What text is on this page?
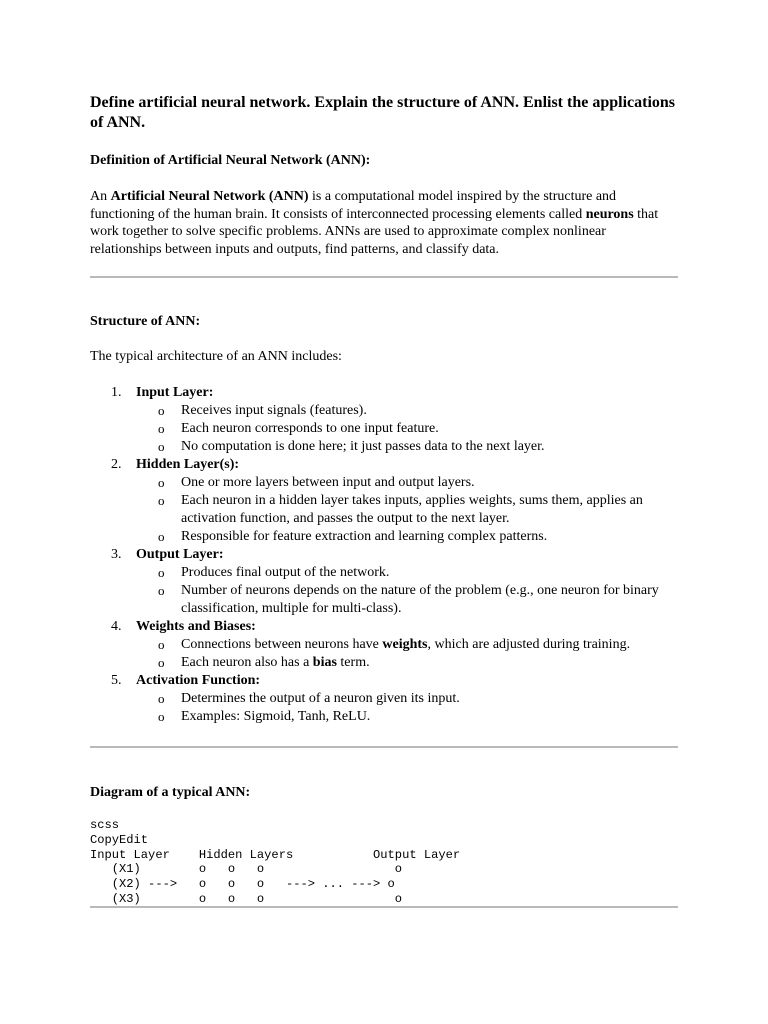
Define artificial neural network. Explain the structure of ANN. Enlist the applications of ANN.
Definition of Artificial Neural Network (ANN):

An Artificial Neural Network (ANN) is a computational model inspired by the structure and functioning of the human brain. It consists of interconnected processing elements called neurons that work together to solve specific problems. ANNs are used to approximate complex nonlinear relationships between inputs and outputs, find patterns, and classify data.

Structure of ANN:

The typical architecture of an ANN includes:

1. Input Layer:
o Receives input signals (features).
o Each neuron corresponds to one input feature.
o No computation is done here; it just passes data to the next layer.
2. Hidden Layer(s):
o One or more layers between input and output layers.
o Each neuron in a hidden layer takes inputs, applies weights, sums them, applies an activation function, and passes the output to the next layer.
o Responsible for feature extraction and learning complex patterns.
3. Output Layer:
o Produces final output of the network.
o Number of neurons depends on the nature of the problem (e.g., one neuron for binary classification, multiple for multi-class).
4. Weights and Biases:
o Connections between neurons have weights, which are adjusted during training.
o Each neuron also has a bias term.
5. Activation Function:
o Determines the output of a neuron given its input.
o Examples: Sigmoid, Tanh, ReLU.
Diagram of a typical ANN:
scss
CopyEdit
Input Layer    Hidden Layers           Output Layer
(X1)        o   o   o                  o
(X2) --->   o   o   o   ---> ... ---> o
(X3)        o   o   o                  o
